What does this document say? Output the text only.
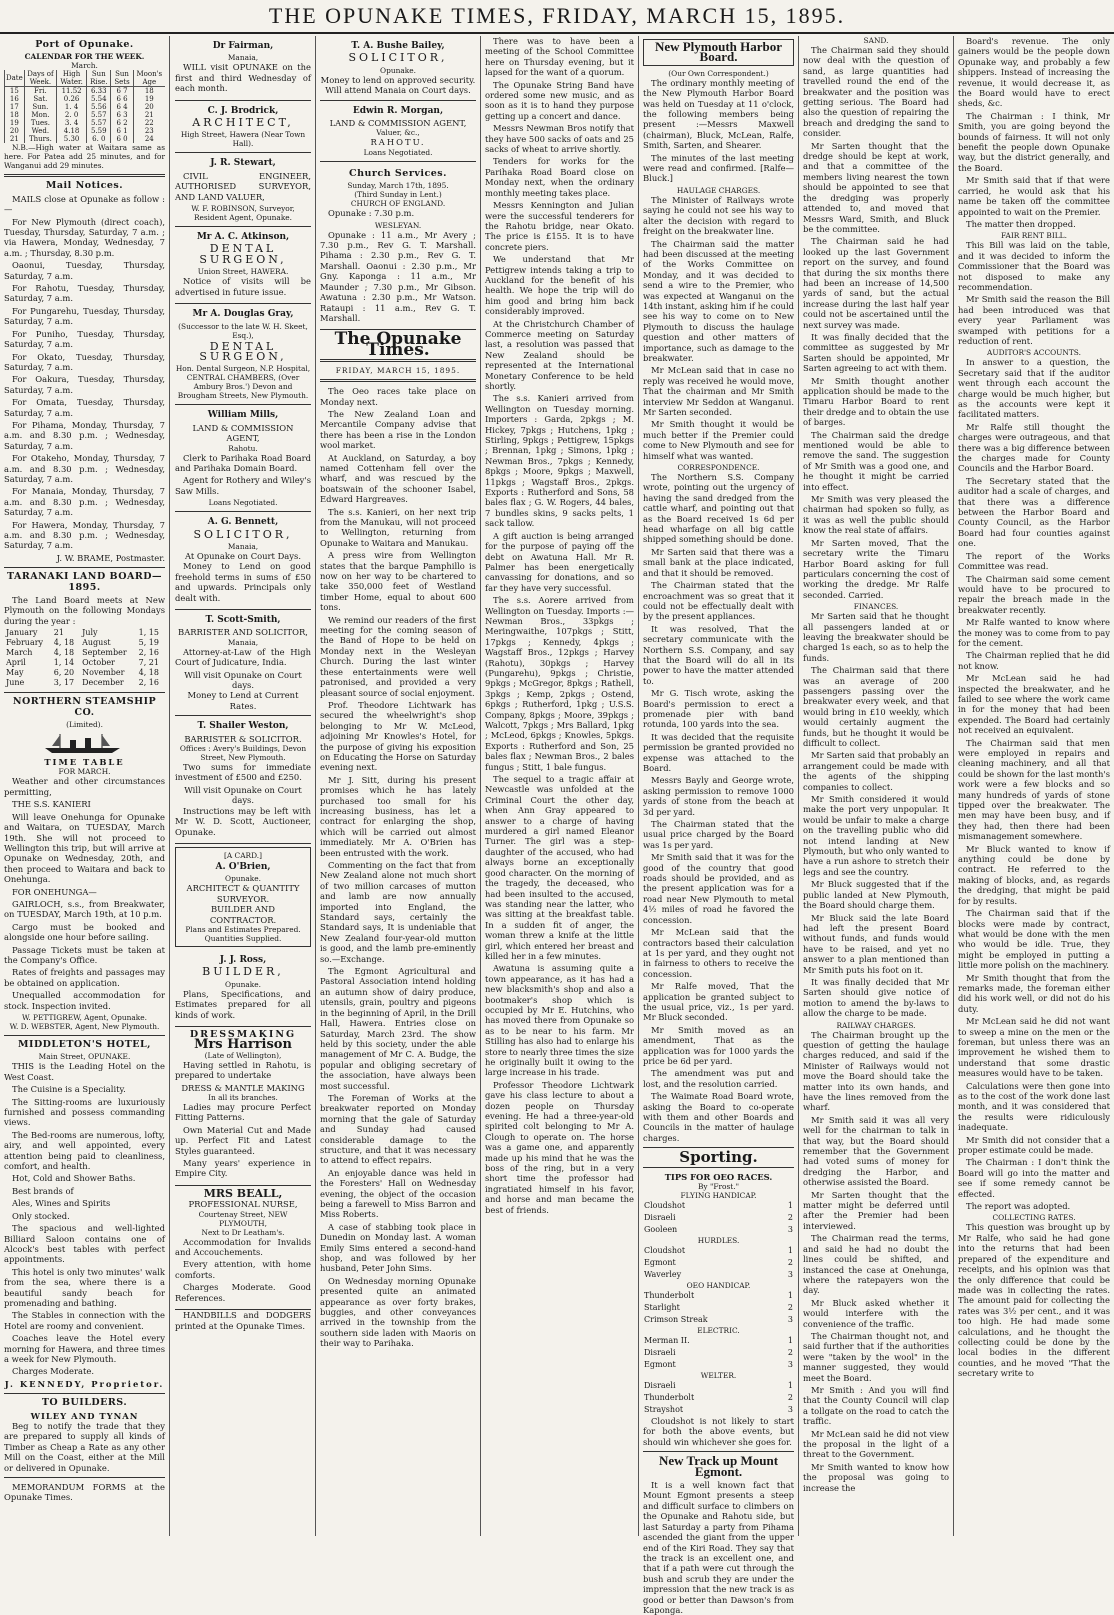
THE OPUNAKE TIMES, FRIDAY, MARCH 15, 1895.
Port of Opunake.
CALENDAR FOR THE WEEK.
March.
Date	Days of Week.	High Water.	Sun Rise.	Sun Sets	Moon's Age
15	Fri.	11.52	6.33	6 7	18
16	Sat.	0.26	5.54	6 6	19
17	Sun.	1. 4	5.56	6 4	20
18	Mon.	2. 0	5.57	6 3	21
19	Tues.	3. 4	5.57	6 2	22
20	Wed.	4.18	5.59	6 1	23
21	Thurs.	5.30	6. 0	6 0	24

N.B.—High water at Waitara same as here. For Patea add 25 minutes, and for Wanganui add 29 minutes.

Mail Notices.

MAILS close at Opunake as follow :—

For New Plymouth (direct coach), Tuesday, Thursday, Saturday, 7 a.m. ; via Hawera, Monday, Wednesday, 7 a.m. ; Thursday, 8.30 p.m.

Oaonui, Tuesday, Thursday, Saturday, 7 a.m.

For Rahotu, Tuesday, Thursday, Saturday, 7 a.m.

For Pungarehu, Tuesday, Thursday, Saturday, 7 a.m.

For Puniho, Tuesday, Thursday, Saturday, 7 a.m.

For Okato, Tuesday, Thursday, Saturday, 7 a.m.

For Oakura, Tuesday, Thursday, Saturday, 7 a.m.

For Omata, Tuesday, Thursday, Saturday, 7 a.m.

For Pihama, Monday, Thursday, 7 a.m. and 8.30 p.m. ; Wednesday, Saturday, 7 a.m.

For Otakeho, Monday, Thursday, 7 a.m. and 8.30 p.m. ; Wednesday, Saturday, 7 a.m.

For Manaia, Monday, Thursday, 7 a.m. and 8.30 p.m. ; Wednesday, Saturday, 7 a.m.

For Hawera, Monday, Thursday, 7 a.m. and 8.30 p.m. ; Wednesday, Saturday, 7 a.m.

J. W. BRAME, Postmaster.

TARANAKI LAND BOARD—1895.

The Land Board meets at New Plymouth on the following Mondays during the year :

January	21	July	1, 15
February	4, 18	August	5, 19
March	4, 18	September	2, 16
April	1, 14	October	7, 21
May	6, 20	November	4, 18
June	3, 17	December	2, 16
NORTHERN STEAMSHIP CO.
(Limited).
TIME TABLE
FOR MARCH.

Weather and other circumstances permitting,

THE S.S. KANIERI

Will leave Onehunga for Opunake and Waitara, on TUESDAY, March 19th. She will not proceed to Wellington this trip, but will arrive at Opunake on Wednesday, 20th, and then proceed to Waitara and back to Onehunga.

FOR ONEHUNGA—

GAIRLOCH, s.s., from Breakwater, on TUESDAY, March 19th, at 10 p.m.

Cargo must be booked and alongside one hour before sailing.

Passage Tickets must be taken at the Company's Office.

Rates of freights and passages may be obtained on application.

Unequalled accommodation for stock. Inspection invited.

W. PETTIGREW, Agent, Opunake.
W. D. WEBSTER, Agent, New Plymouth.
MIDDLETON'S HOTEL,
Main Street, OPUNAKE.

THIS is the Leading Hotel on the West Coast.

The Cuisine is a Speciality.

The Sitting-rooms are luxuriously furnished and possess commanding views.

The Bed-rooms are numerous, lofty, airy, and well appointed, every attention being paid to cleanliness, comfort, and health.

Hot, Cold and Shower Baths.

Best brands of

Ales, Wines and Spirits

Only stocked.

The spacious and well-lighted Billiard Saloon contains one of Alcock's best tables with perfect appointments.

This hotel is only two minutes' walk from the sea, where there is a beautiful sandy beach for promenading and bathing.

The Stables in connection with the Hotel are roomy and convenient.

Coaches leave the Hotel every morning for Hawera, and three times a week for New Plymouth.

Charges Moderate.

J. KENNEDY, Proprietor.
TO BUILDERS.
WILEY AND TYNAN

Beg to notify the trade that they are prepared to supply all kinds of Timber as Cheap a Rate as any other Mill on the Coast, either at the Mill or delivered in Opunake.

MEMORANDUM FORMS at the Opunake Times.

Dr Fairman,
Manaia,

WILL visit OPUNAKE on the first and third Wednesday of each month.

C. J. Brodrick,
ARCHITECT,
High Street, Hawera (Near Town Hall).
J. R. Stewart,

CIVIL ENGINEER, AUTHORISED SURVEYOR, AND LAND VALUER,

W. F. ROBINSON, Surveyor, Resident Agent, Opunake.
Mr A. C. Atkinson,
DENTAL SURGEON,
Union Street, HAWERA.

Notice of visits will be advertised in future issue.

Mr A. Douglas Gray,
(Successor to the late W. H. Skeet, Esq.),
DENTAL SURGEON,
Hon. Dental Surgeon, N.P. Hospital, CENTRAL CHAMBERS, (Over Ambury Bros.') Devon and Brougham Streets, New Plymouth.
William Mills,
LAND & COMMISSION AGENT,
Rahotu.

Clerk to Parihaka Road Board and Parihaka Domain Board.

Agent for Rothery and Wiley's Saw Mills.

Loans Negotiated.
A. G. Bennett,
SOLICITOR,
Manaia,
At Opunake on Court Days.

Money to Lend on good freehold terms in sums of £50 and upwards. Principals only dealt with.

T. Scott-Smith,
BARRISTER AND SOLICITOR,
Manaia,

Attorney-at-Law of the High Court of Judicature, India.

Will visit Opunake on Court days.
Money to Lend at Current Rates.
T. Shailer Weston,
BARRISTER & SOLICITOR.
Offices : Avery's Buildings, Devon Street, New Plymouth.

Two sums for immediate investment of £500 and £250.

Will visit Opunake on Court days.

Instructions may be left with Mr W. D. Scott, Auctioneer, Opunake.

[A CARD.]
A. O'Brien,
Opunake.
ARCHITECT & QUANTITY SURVEYOR.
BUILDER AND CONTRACTOR.
Plans and Estimates Prepared.
Quantities Supplied.
J. J. Ross,
BUILDER,
Opunake.

Plans, Specifications, and Estimates prepared for all kinds of work.

DRESSMAKING
Mrs Harrison
(Late of Wellington),

Having settled in Rahotu, is prepared to undertake

DRESS & MANTLE MAKING
In all its branches.

Ladies may procure Perfect Fitting Patterns.

Own Material Cut and Made up. Perfect Fit and Latest Styles guaranteed.

Many years' experience in Empire City.

MRS BEALL,
PROFESSIONAL NURSE,
Courtenay Street, NEW PLYMOUTH,
Next to Dr Leatham's.

Accommodation for Invalids and Accouchements.

Every attention, with home comforts.

Charges Moderate. Good References.

HANDBILLS and DODGERS printed at the Opunake Times.

T. A. Bushe Bailey,
SOLICITOR,
Opunake.
Money to lend on approved security.
Will attend Manaia on Court days.
Edwin R. Morgan,
LAND & COMMISSION AGENT,
Valuer, &c.,
RAHOTU.
Loans Negotiated.
Church Services.
Sunday, March 17th, 1895.
(Third Sunday in Lent.)
CHURCH OF ENGLAND.

Opunake : 7.30 p.m.

WESLEYAN.

Opunake : 11 a.m., Mr Avery ; 7.30 p.m., Rev G. T. Marshall. Pihama : 2.30 p.m., Rev G. T. Marshall. Oaonui : 2.30 p.m., Mr Gny. Kaponga : 11 a.m., Mr Maunder ; 7.30 p.m., Mr Gibson. Awatuna : 2.30 p.m., Mr Watson. Rataupi : 11 a.m., Rev G. T. Marshall.

The Opunake Times.
FRIDAY, MARCH 15, 1895.

The Oeo races take place on Monday next.

The New Zealand Loan and Mercantile Company advise that there has been a rise in the London wool market.

At Auckland, on Saturday, a boy named Cottenham fell over the wharf, and was rescued by the boatswain of the schooner Isabel, Edward Hargreaves.

The s.s. Kanieri, on her next trip from the Manukau, will not proceed to Wellington, returning from Opunake to Waitara and Manukau.

A press wire from Wellington states that the barque Pamphillo is now on her way to be chartered to take 350,000 feet of Westland timber Home, equal to about 600 tons.

We remind our readers of the first meeting for the coming season of the Band of Hope to be held on Monday next in the Wesleyan Church. During the last winter these entertainments were well patronised, and provided a very pleasant source of social enjoyment.

Prof. Theodore Lichtwark has secured the wheelwright's shop belonging to Mr W. McLeod, adjoining Mr Knowles's Hotel, for the purpose of giving his exposition on Educating the Horse on Saturday evening next.

Mr J. Sitt, during his present promises which he has lately purchased too small for his increasing business, has let a contract for enlarging the shop, which will be carried out almost immediately. Mr A. O'Brien has been entrusted with the work.

Commenting on the fact that from New Zealand alone not much short of two million carcases of mutton and lamb are now annually imported into England, the Standard says, certainly the Standard says, It is undeniable that New Zealand four-year-old mutton is good, and the lamb pre-eminently so.—Exchange.

The Egmont Agricultural and Pastoral Association intend holding an autumn show of dairy produce, utensils, grain, poultry and pigeons in the beginning of April, in the Drill Hall, Hawera. Entries close on Saturday, March 23rd. The show held by this society, under the able management of Mr C. A. Budge, the popular and obliging secretary of the association, have always been most successful.

The Foreman of Works at the breakwater reported on Monday morning that the gale of Saturday and Sunday had caused considerable damage to the structure, and that it was necessary to attend to effect repairs.

An enjoyable dance was held in the Foresters' Hall on Wednesday evening, the object of the occasion being a farewell to Miss Barron and Miss Roberts.

A case of stabbing took place in Dunedin on Monday last. A woman Emily Sims entered a second-hand shop, and was followed by her husband, Peter John Sims.

On Wednesday morning Opunake presented quite an animated appearance as over forty brakes, buggies, and other conveyances arrived in the township from the southern side laden with Maoris on their way to Parihaka.

There was to have been a meeting of the School Committee here on Thursday evening, but it lapsed for the want of a quorum.

The Opunake String Band have ordered some new music, and as soon as it is to hand they purpose getting up a concert and dance.

Messrs Newman Bros notify that they have 500 sacks of oats and 25 sacks of wheat to arrive shortly.

Tenders for works for the Parihaka Road Board close on Monday next, when the ordinary monthly meeting takes place.

Messrs Kennington and Julian were the successful tenderers for the Rahotu bridge, near Okato. The price is £155. It is to have concrete piers.

We understand that Mr Pettigrew intends taking a trip to Auckland for the benefit of his health. We hope the trip will do him good and bring him back considerably improved.

At the Christchurch Chamber of Commerce meeting on Saturday last, a resolution was passed that New Zealand should be represented at the International Monetary Conference to be held shortly.

The s.s. Kanieri arrived from Wellington on Tuesday morning. Importers : Garda, 2pkgs ; M. Hickey, 7pkgs ; Hutchens, 1pkg ; Stirling, 9pkgs ; Pettigrew, 15pkgs ; Brennan, 1pkg ; Simons, 1pkg ; Newman Bros., 7pkgs ; Kennedy, 8pkgs ; Moore, 9pkgs ; Maxwell, 11pkgs ; Wagstaff Bros., 2pkgs. Exports : Rutherford and Sons, 58 bales flax ; G. W. Rogers, 44 bales, 7 bundles skins, 9 sacks pelts, 1 sack tallow.

A gift auction is being arranged for the purpose of paying off the debt on Awatuna Hall. Mr R. Palmer has been energetically canvassing for donations, and so far they have very successful.

The s.s. Aorere arrived from Wellington on Tuesday. Imports :—Newman Bros., 33pkgs ; Meringwaithe, 107pkgs ; Stitt, 17pkgs ; Kennedy, 4pkgs ; Wagstaff Bros., 12pkgs ; Harvey (Rahotu), 30pkgs ; Harvey (Pungarehu), 9pkgs ; Christie, 9pkgs ; McGregor, 8pkgs ; Rathell, 3pkgs ; Kemp, 2pkgs ; Ostend, 6pkgs ; Rutherford, 1pkg ; U.S.S. Company, 8pkgs ; Moore, 39pkgs ; Walcott, 7pkgs ; Mrs Ballard, 1pkg ; McLeod, 6pkgs ; Knowles, 5pkgs. Exports : Rutherford and Son, 25 bales flax ; Newman Bros., 2 bales fungus ; Stitt, 1 bale fungus.

The sequel to a tragic affair at Newcastle was unfolded at the Criminal Court the other day, when Ann Gray appeared to answer to a charge of having murdered a girl named Eleanor Turner. The girl was a step-daughter of the accused, who had always borne an exceptionally good character. On the morning of the tragedy, the deceased, who had been insulted to the accused, was standing near the latter, who was sitting at the breakfast table. In a sudden fit of anger, the woman threw a knife at the little girl, which entered her breast and killed her in a few minutes.

Awatuna is assuming quite a town appearance, as it has had a new blacksmith's shop and also a bootmaker's shop which is occupied by Mr E. Hutchins, who has moved there from Opunake so as to be near to his farm. Mr Stilling has also had to enlarge his store to nearly three times the size he originally built it owing to the large increase in his trade.

Professor Theodore Lichtwark gave his class lecture to about a dozen people on Thursday evening. He had a three-year-old spirited colt belonging to Mr A. Clough to operate on. The horse was a game one, and apparently made up his mind that he was the boss of the ring, but in a very short time the professor had ingratiated himself in his favor, and horse and man became the best of friends.

New Plymouth Harbor Board.
(Our Own Correspondent.)

The ordinary monthly meeting of the New Plymouth Harbor Board was held on Tuesday at 11 o'clock, the following members being present :—Messrs Maxwell (chairman), Bluck, McLean, Ralfe, Smith, Sarten, and Shearer.

The minutes of the last meeting were read and confirmed. [Ralfe—Bluck.]

HAULAGE CHARGES.

The Minister of Railways wrote saying he could not see his way to alter the decision with regard to freight on the breakwater line.

The Chairman said the matter had been discussed at the meeting of the Works Committee on Monday, and it was decided to send a wire to the Premier, who was expected at Wanganui on the 14th instant, asking him if he could see his way to come on to New Plymouth to discuss the haulage question and other matters of importance, such as damage to the breakwater.

Mr McLean said that in case no reply was received he would move, That the chairman and Mr Smith interview Mr Seddon at Wanganui. Mr Sarten seconded.

Mr Smith thought it would be much better if the Premier could come to New Plymouth and see for himself what was wanted.

CORRESPONDENCE.

The Northern S.S. Company wrote, pointing out the urgency of having the sand dredged from the cattle wharf, and pointing out that as the Board received 1s 6d per head wharfage on all big cattle shipped something should be done.

Mr Sarten said that there was a small bank at the place indicated, and that it should be removed.

The Chairman stated that the encroachment was so great that it could not be effectually dealt with by the present appliances.

It was resolved, That the secretary communicate with the Northern S.S. Company, and say that the Board will do all in its power to have the matter attended to.

Mr G. Tisch wrote, asking the Board's permission to erect a promenade pier with band rotunda, 100 yards into the sea.

It was decided that the requisite permission be granted provided no expense was attached to the Board.

Messrs Bayly and George wrote, asking permission to remove 1000 yards of stone from the beach at 3d per yard.

The Chairman stated that the usual price charged by the Board was 1s per yard.

Mr Smith said that it was for the good of the country that good roads should be provided, and as the present application was for a road near New Plymouth to metal 4½ miles of road he favored the concession.

Mr McLean said that the contractors based their calculation at 1s per yard, and they ought not in fairness to others to receive the concession.

Mr Ralfe moved, That the application be granted subject to the usual price, viz., 1s per yard. Mr Bluck seconded.

Mr Smith moved as an amendment, That as the application was for 1000 yards the price be 6d per yard.

The amendment was put and lost, and the resolution carried.

The Waimate Road Board wrote, asking the Board to co-operate with them and other Boards and Councils in the matter of haulage charges.

Sporting.
TIPS FOR OEO RACES.
By "Frost."
FLYING HANDICAP.
Cloudshot	1
Disraeli	2
Gooleen	3
HURDLES.
Cloudshot	1
Egmont	2
Waverley	3
OEO HANDICAP.
Thunderbolt	1
Starlight	2
Crimson Streak	3
ELECTRIC.
Merman II.	1
Disraeli	2
Egmont	3
WELTER.
Disraeli	1
Thunderbolt	2
Strayshot	3

Cloudshot is not likely to start for both the above events, but should win whichever she goes for.

New Track up Mount Egmont.

It is a well known fact that Mount Egmont presents a steep and difficult surface to climbers on the Opunake and Rahotu side, but last Saturday a party from Pihama ascended the giant from the upper end of the Kiri Road. They say that the track is an excellent one, and that if a path were cut through the bush and scrub they are under the impression that the new track is as good or better than Dawson's from Kaponga.

SAND.

The Chairman said they should now deal with the question of sand, as large quantities had travelled round the end of the breakwater and the position was getting serious. The Board had also the question of repairing the breach and dredging the sand to consider.

Mr Sarten thought that the dredge should be kept at work, and that a committee of the members living nearest the town should be appointed to see that the dredging was properly attended to, and moved that Messrs Ward, Smith, and Bluck be the committee.

The Chairman said he had looked up the last Government report on the survey, and found that during the six months there had been an increase of 14,500 yards of sand, but the actual increase during the last half year could not be ascertained until the next survey was made.

It was finally decided that the committee as suggested by Mr Sarten should be appointed, Mr Sarten agreeing to act with them.

Mr Smith thought another application should be made to the Timaru Harbor Board to rent their dredge and to obtain the use of barges.

The Chairman said the dredge mentioned would be able to remove the sand. The suggestion of Mr Smith was a good one, and he thought it might be carried into effect.

Mr Smith was very pleased the chairman had spoken so fully, as it was as well the public should know the real state of affairs.

Mr Sarten moved, That the secretary write the Timaru Harbor Board asking for full particulars concerning the cost of working the dredge. Mr Ralfe seconded. Carried.

FINANCES.

Mr Sarten said that he thought all passengers landed at or leaving the breakwater should be charged 1s each, so as to help the funds.

The Chairman said that there was an average of 200 passengers passing over the breakwater every week, and that would bring in £10 weekly, which would certainly augment the funds, but he thought it would be difficult to collect.

Mr Sarten said that probably an arrangement could be made with the agents of the shipping companies to collect.

Mr Smith considered it would make the port very unpopular. It would be unfair to make a charge on the travelling public who did not intend landing at New Plymouth, but who only wanted to have a run ashore to stretch their legs and see the country.

Mr Bluck suggested that if the public landed at New Plymouth, the Board should charge them.

Mr Bluck said the late Board had left the present Board without funds, and funds would have to be raised, and yet no answer to a plan mentioned than Mr Smith puts his foot on it.

It was finally decided that Mr Sarten should give notice of motion to amend the by-laws to allow the charge to be made.

RAILWAY CHARGES.

The Chairman brought up the question of getting the haulage charges reduced, and said if the Minister of Railways would not move the Board should take the matter into its own hands, and have the lines removed from the wharf.

Mr Smith said it was all very well for the chairman to talk in that way, but the Board should remember that the Government had voted sums of money for dredging the Harbor, and otherwise assisted the Board.

Mr Sarten thought that the matter might be deferred until after the Premier had been interviewed.

The Chairman read the terms, and said he had no doubt the lines could be shifted, and instanced the case at Onehunga, where the ratepayers won the day.

Mr Bluck asked whether it would interfere with the convenience of the traffic.

The Chairman thought not, and said further that if the authorities were "taken by the wool" in the manner suggested, they would meet the Board.

Mr Smith : And you will find that the County Council will clap a tollgate on the road to catch the traffic.

Mr McLean said he did not view the proposal in the light of a threat to the Government.

Mr Smith wanted to know how the proposal was going to increase the

Board's revenue. The only gainers would be the people down Opunake way, and probably a few shippers. Instead of increasing the revenue, it would decrease it, as the Board would have to erect sheds, &c.

The Chairman : I think, Mr Smith, you are going beyond the bounds of fairness. It will not only benefit the people down Opunake way, but the district generally, and the Board.

Mr Smith said that if that were carried, he would ask that his name be taken off the committee appointed to wait on the Premier.

The matter then dropped.

FAIR RENT BILL.

This Bill was laid on the table, and it was decided to inform the Commissioner that the Board was not disposed to make any recommendation.

Mr Smith said the reason the Bill had been introduced was that every year Parliament was swamped with petitions for a reduction of rent.

AUDITOR'S ACCOUNTS.

In answer to a question, the Secretary said that if the auditor went through each account the charge would be much higher, but as the accounts were kept it facilitated matters.

Mr Ralfe still thought the charges were outrageous, and that there was a big difference between the charges made for County Councils and the Harbor Board.

The Secretary stated that the auditor had a scale of charges, and that there was a difference between the Harbor Board and County Council, as the Harbor Board had four counties against one.

The report of the Works Committee was read.

The Chairman said some cement would have to be procured to repair the breach made in the breakwater recently.

Mr Ralfe wanted to know where the money was to come from to pay for the cement.

The Chairman replied that he did not know.

Mr McLean said he had inspected the breakwater, and he failed to see where the work came in for the money that had been expended. The Board had certainly not received an equivalent.

The Chairman said that men were employed in repairs and cleaning machinery, and all that could be shown for the last month's work were a few blocks and so many hundreds of yards of stone tipped over the breakwater. The men may have been busy, and if they had, then there had been mismanagement somewhere.

Mr Bluck wanted to know if anything could be done by contract. He referred to the making of blocks, and, as regards the dredging, that might be paid for by results.

The Chairman said that if the blocks were made by contract, what would be done with the men who would be idle. True, they might be employed in putting a little more polish on the machinery.

Mr Smith thought that from the remarks made, the foreman either did his work well, or did not do his duty.

Mr McLean said he did not want to sweep a mine on the men or the foreman, but unless there was an improvement he wished them to understand that some drastic measures would have to be taken.

Calculations were then gone into as to the cost of the work done last month, and it was considered that the results were ridiculously inadequate.

Mr Smith did not consider that a proper estimate could be made.

The Chairman : I don't think the Board will go into the matter and see if some remedy cannot be effected.

The report was adopted.

COLLECTING RATES.

This question was brought up by Mr Ralfe, who said he had gone into the returns that had been prepared of the expenditure and receipts, and his opinion was that the only difference that could be made was in collecting the rates. The amount paid for collecting the rates was 3½ per cent., and it was too high. He had made some calculations, and he thought the collecting could be done by the local bodies in the different counties, and he moved "That the secretary write to
